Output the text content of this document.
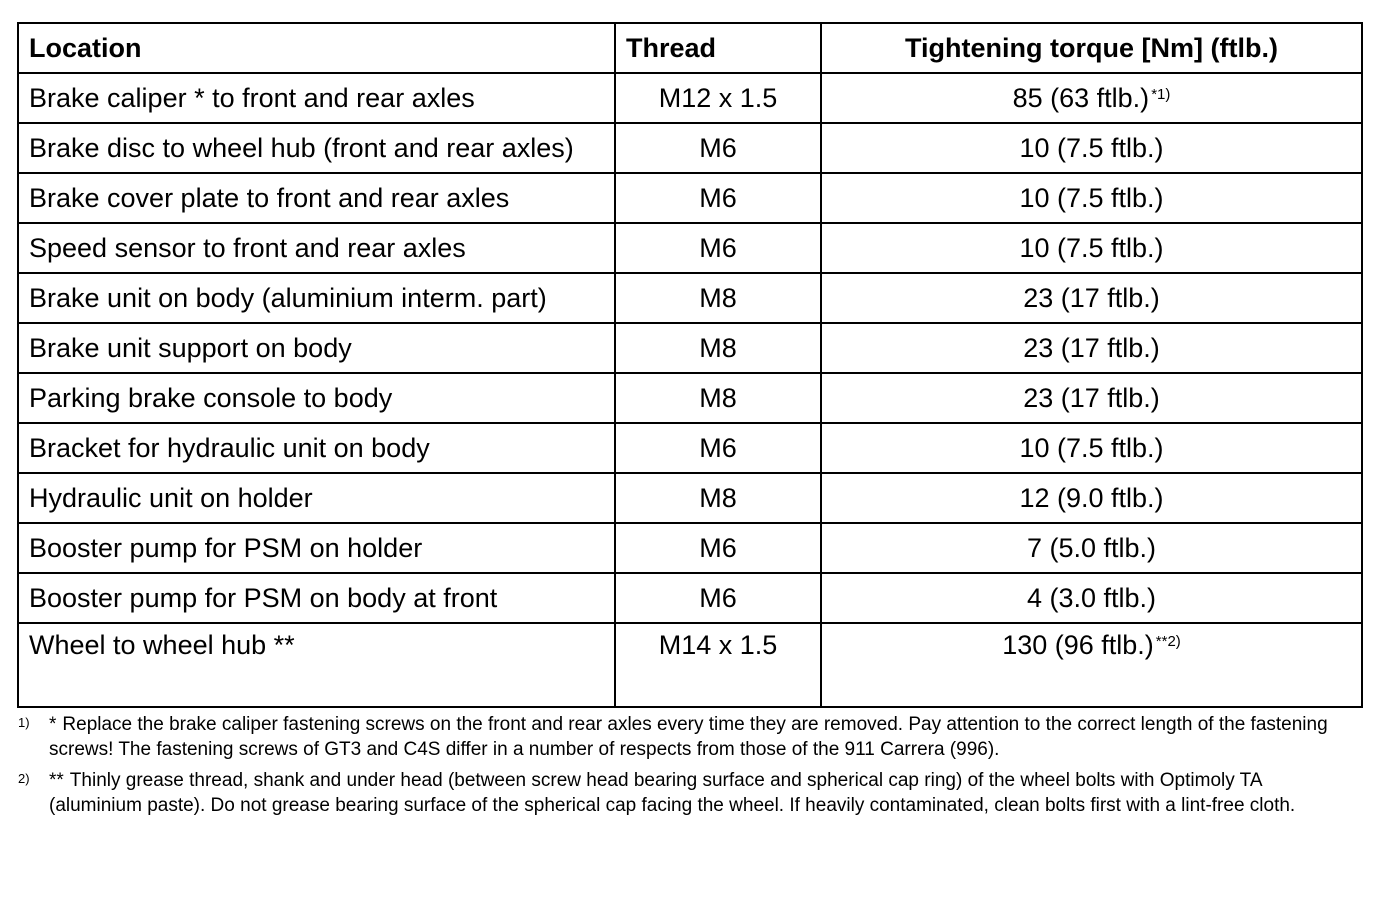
Location	Thread	Tightening torque [Nm] (ftlb.)
Brake caliper * to front and rear axles	M12 x 1.5	85 (63 ftlb.) $^{*1)}$
Brake disc to wheel hub (front and rear axles)	M6	10 (7.5 ftlb.)
Brake cover plate to front and rear axles	M6	10 (7.5 ftlb.)
Speed sensor to front and rear axles	M6	10 (7.5 ftlb.)
Brake unit on body (aluminium interm. part)	M8	23 (17 ftlb.)
Brake unit support on body	M8	23 (17 ftlb.)
Parking brake console to body	M8	23 (17 ftlb.)
Bracket for hydraulic unit on body	M6	10 (7.5 ftlb.)
Hydraulic unit on holder	M8	12 (9.0 ftlb.)
Booster pump for PSM on holder	M6	7 (5.0 ftlb.)
Booster pump for PSM on body at front	M6	4 (3.0 ftlb.)
Wheel to wheel hub **	M14 x 1.5	130 (96 ftlb.) $^{**2)}$
1) * Replace the brake caliper fastening screws on the front and rear axles every time they are removed. Pay attention to the correct length of the fastening screws! The fastening screws of GT3 and C4S differ in a number of respects from those of the 911 Carrera (996).
2) ** Thinly grease thread, shank and under head (between screw head bearing surface and spherical cap ring) of the wheel bolts with Optimoly TA (aluminium paste). Do not grease bearing surface of the spherical cap facing the wheel. If heavily contaminated, clean bolts first with a lint-free cloth.
